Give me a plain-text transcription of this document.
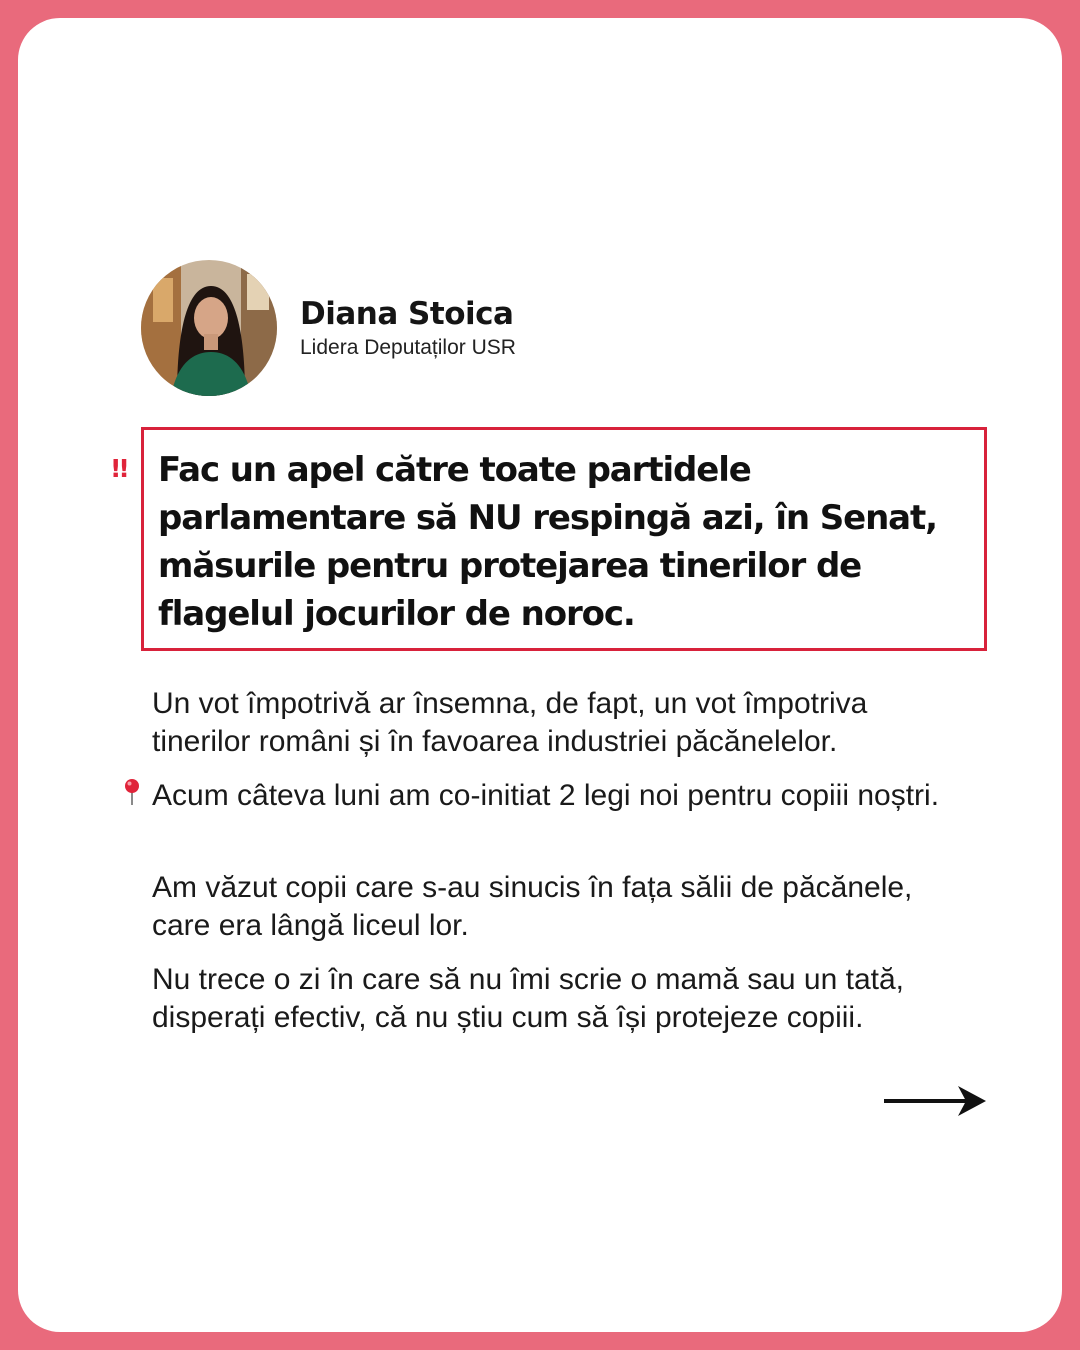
Diana Stoica
Lidera Deputaților USR
!! Fac un apel către toate partidele parlamentare să NU respingă azi, în Senat, măsurile pentru protejarea tinerilor de flagelul jocurilor de noroc.

Un vot împotrivă ar însemna, de fapt, un vot împotriva tinerilor români și în favoarea industriei păcănelelor.

Acum câteva luni am co-initiat 2 legi noi pentru copiii noștri.

Am văzut copii care s-au sinucis în fața sălii de păcănele, care era lângă liceul lor.

Nu trece o zi în care să nu îmi scrie o mamă sau un tată, disperați efectiv, că nu știu cum să își protejeze copiii.
